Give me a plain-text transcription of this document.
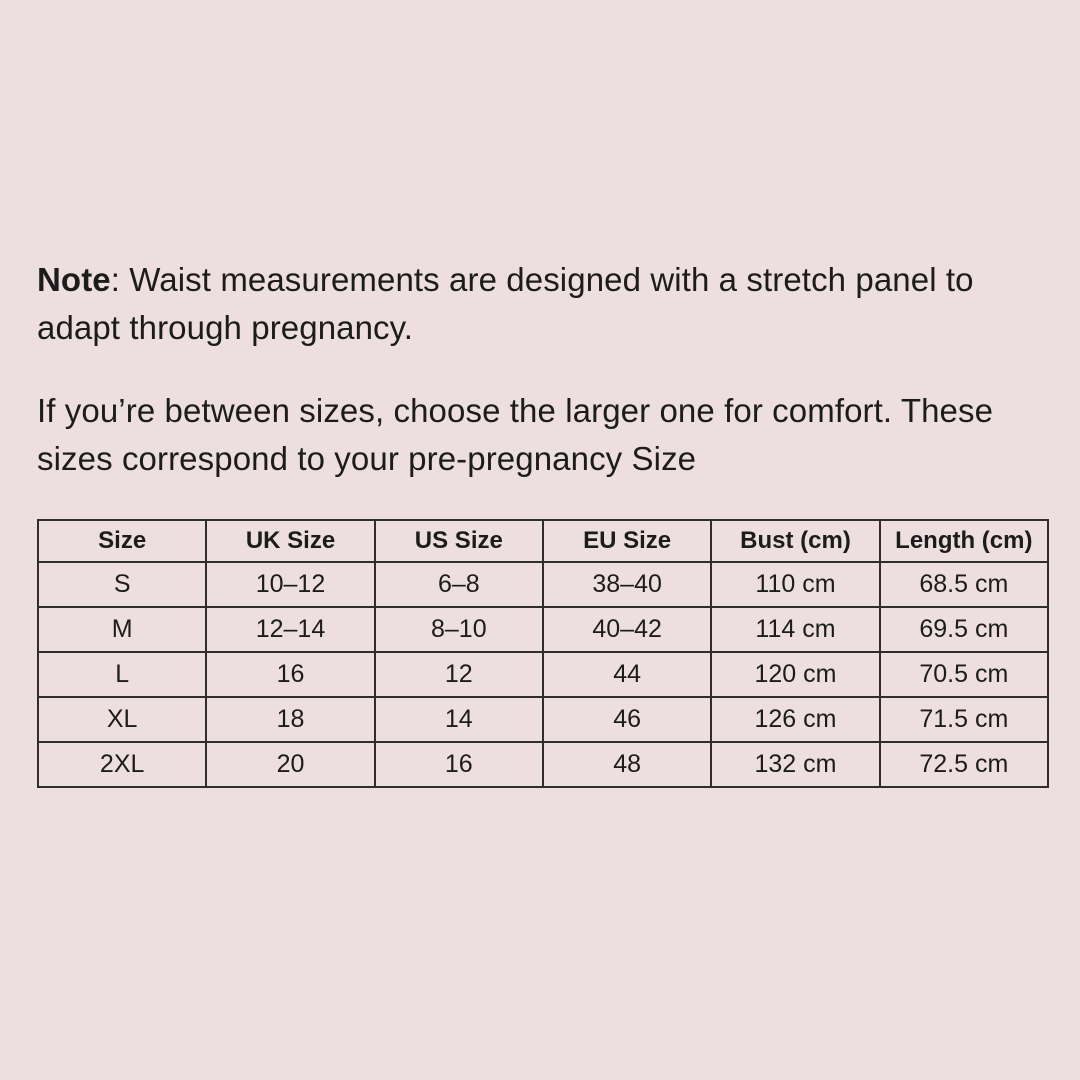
Note: Waist measurements are designed with a stretch panel to
adapt through pregnancy.

If you’re between sizes, choose the larger one for comfort. These
sizes correspond to your pre-pregnancy Size

Size	UK Size	US Size	EU Size	Bust (cm)	Length (cm)
S	10–12	6–8	38–40	110 cm	68.5 cm
M	12–14	8–10	40–42	114 cm	69.5 cm
L	16	12	44	120 cm	70.5 cm
XL	18	14	46	126 cm	71.5 cm
2XL	20	16	48	132 cm	72.5 cm
